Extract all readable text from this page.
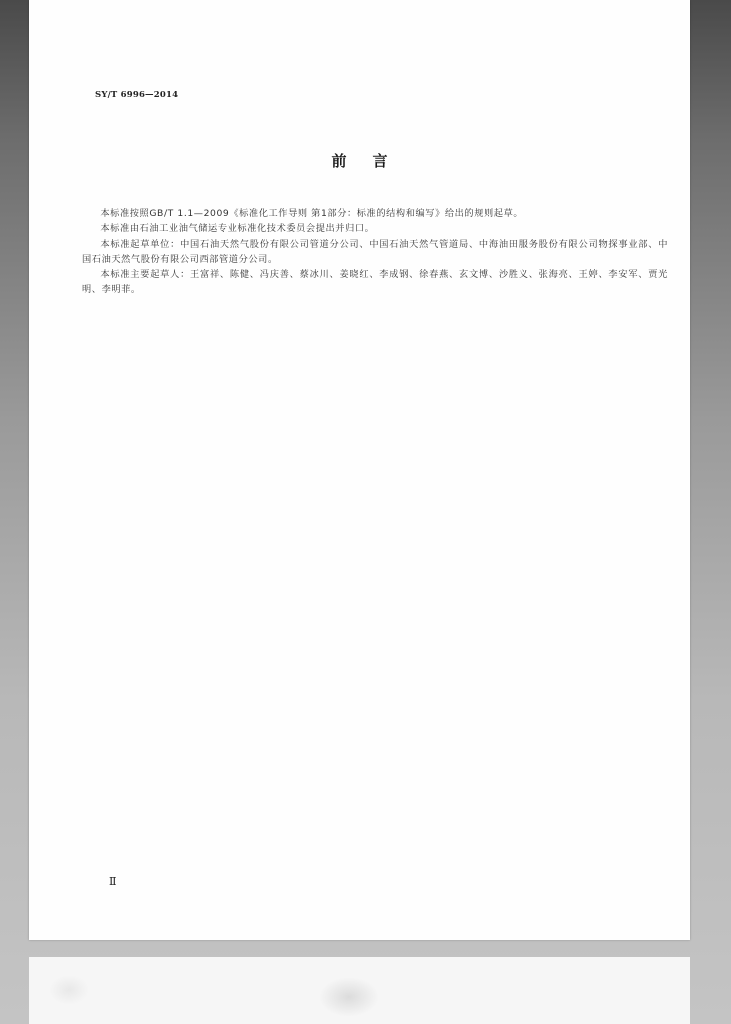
SY/T 6996—2014
前言

本标准按照GB/T 1.1—2009《标准化工作导则 第1部分：标准的结构和编写》给出的规则起草。

本标准由石油工业油气储运专业标准化技术委员会提出并归口。

本标准起草单位：中国石油天然气股份有限公司管道分公司、中国石油天然气管道局、中海油田服务股份有限公司物探事业部、中国石油天然气股份有限公司西部管道分公司。

本标准主要起草人：王富祥、陈健、冯庆善、蔡冰川、姜晓红、李成钢、徐春燕、玄文博、沙胜义、张海亮、王婷、李安军、贾光明、李明菲。

Ⅱ
